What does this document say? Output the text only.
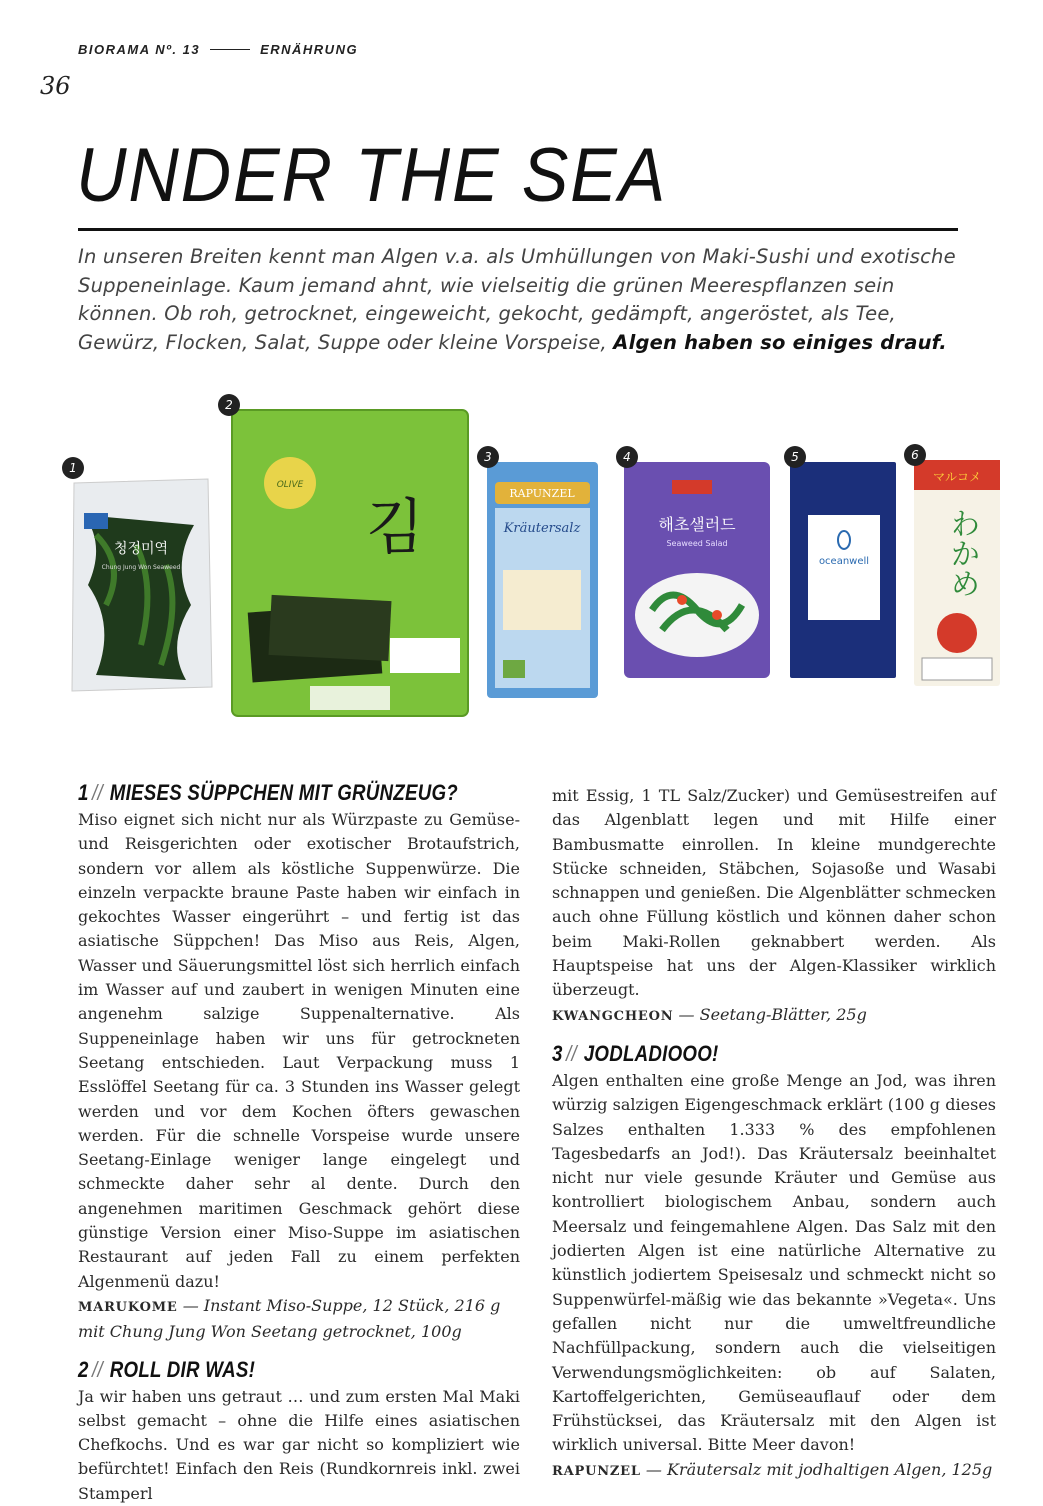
BIORAMA Nº. 13	ERNÄHRUNG
36
UNDER THE SEA
In unseren Breiten kennt man Algen v.a. als Umhüllungen von Maki-Sushi und exotische Suppeneinlage. Kaum jemand ahnt, wie vielseitig die grünen Meerespflanzen sein können. Ob roh, getrocknet, eingeweicht, gekocht, gedämpft, angeröstet, als Tee, Gewürz, Flocken, Salat, Suppe oder kleine Vorspeise, Algen haben so einiges drauf.
청정미역
Chung Jung Won Seaweed
1
OLIVE
김
2
RAPUNZEL
Kräutersalz
3
해초샐러드
Seaweed Salad
4
oceanwell
5
マルコメ
わかめ
6
1 // MIESES SÜPPCHEN MIT GRÜNZEUG?

Miso eignet sich nicht nur als Würzpaste zu Gemüse- und Reisgerichten oder exotischer Brotaufstrich, sondern vor allem als köstliche Suppenwürze. Die einzeln verpackte braune Paste haben wir einfach in gekochtes Wasser eingerührt – und fertig ist das asiatische Süppchen! Das Miso aus Reis, Algen, Wasser und Säuerungsmittel löst sich herrlich einfach im Wasser auf und zaubert in wenigen Minuten eine angenehm salzige Suppenalternative. Als Suppeneinlage haben wir uns für getrockneten Seetang entschieden. Laut Verpackung muss 1 Esslöffel Seetang für ca. 3 Stunden ins Wasser gelegt werden und vor dem Kochen öfters gewaschen werden. Für die schnelle Vorspeise wurde unsere Seetang-Einlage weniger lange eingelegt und schmeckte daher sehr al dente. Durch den angenehmen maritimen Geschmack gehört diese günstige Version einer Miso-Suppe im asiatischen Restaurant auf jeden Fall zu einem perfekten Algenmenü dazu!

MARUKOME — Instant Miso-Suppe, 12 Stück, 216 g mit Chung Jung Won Seetang getrocknet, 100g

2 // ROLL DIR WAS!

Ja wir haben uns getraut … und zum ersten Mal Maki selbst gemacht – ohne die Hilfe eines asiatischen Chefkochs. Und es war gar nicht so kompliziert wie befürchtet! Einfach den Reis (Rundkornreis inkl. zwei Stamperl

mit Essig, 1 TL Salz/Zucker) und Gemüsestreifen auf das Algenblatt legen und mit Hilfe einer Bambusmatte einrollen. In kleine mundgerechte Stücke schneiden, Stäbchen, Sojasoße und Wasabi schnappen und genießen. Die Algenblätter schmecken auch ohne Füllung köstlich und können daher schon beim Maki-Rollen geknabbert werden. Als Hauptspeise hat uns der Algen-Klassiker wirklich überzeugt.

KWANGCHEON — Seetang-Blätter, 25g

3 // JODLADIOOO!

Algen enthalten eine große Menge an Jod, was ihren würzig salzigen Eigengeschmack erklärt (100 g dieses Salzes enthalten 1.333 % des empfohlenen Tagesbedarfs an Jod!). Das Kräutersalz beeinhaltet nicht nur viele gesunde Kräuter und Gemüse aus kontrolliert biologischem Anbau, sondern auch Meersalz und feingemahlene Algen. Das Salz mit den jodierten Algen ist eine natürliche Alternative zu künstlich jodiertem Speisesalz und schmeckt nicht so Suppenwürfel-mäßig wie das bekannte »Vegeta«. Uns gefallen nicht nur die umweltfreundliche Nachfüllpackung, sondern auch die vielseitigen Verwendungsmöglichkeiten: ob auf Salaten, Kartoffelgerichten, Gemüseauflauf oder dem Frühstücksei, das Kräutersalz mit den Algen ist wirklich universal. Bitte Meer davon!

RAPUNZEL — Kräutersalz mit jodhaltigen Algen, 125g
